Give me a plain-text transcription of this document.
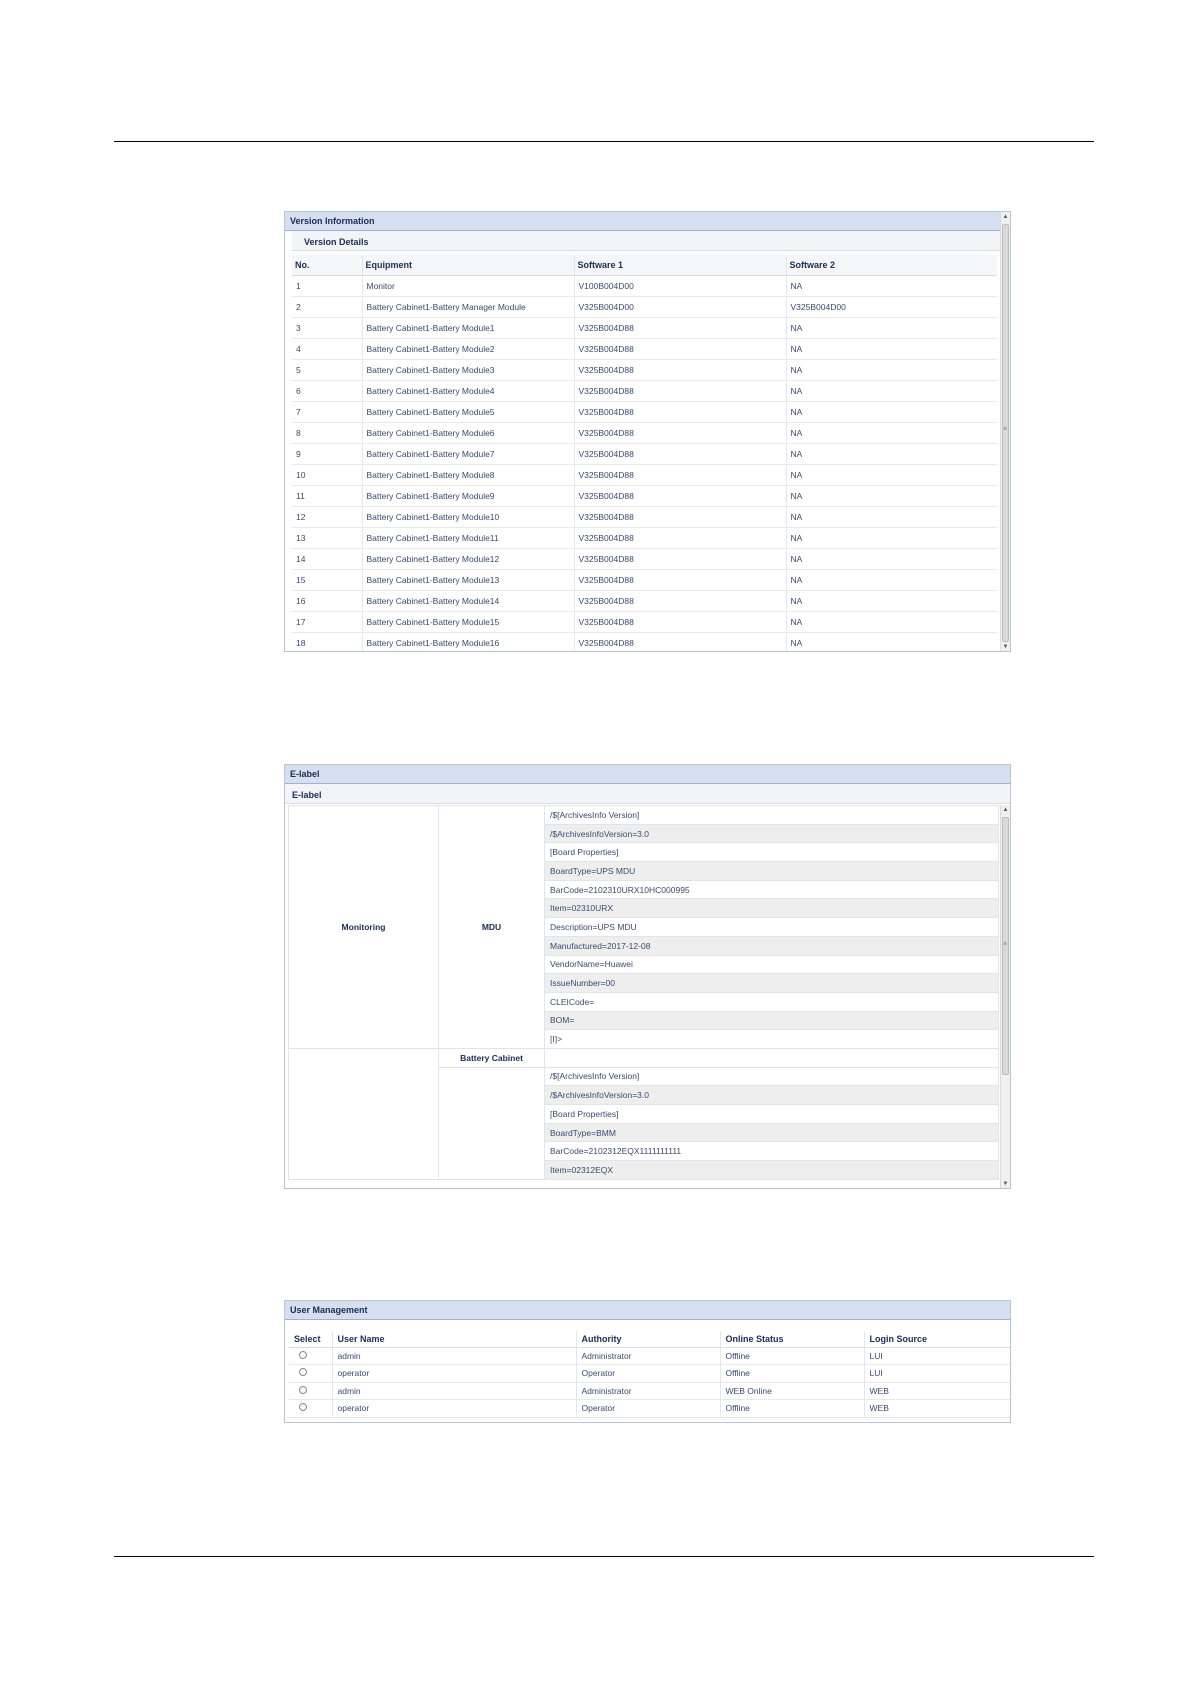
Version Information
Version Details
No.	Equipment	Software 1	Software 2
1	Monitor	V100B004D00	NA
2	Battery Cabinet1-Battery Manager Module	V325B004D00	V325B004D00
3	Battery Cabinet1-Battery Module1	V325B004D88	NA
4	Battery Cabinet1-Battery Module2	V325B004D88	NA
5	Battery Cabinet1-Battery Module3	V325B004D88	NA
6	Battery Cabinet1-Battery Module4	V325B004D88	NA
7	Battery Cabinet1-Battery Module5	V325B004D88	NA
8	Battery Cabinet1-Battery Module6	V325B004D88	NA
9	Battery Cabinet1-Battery Module7	V325B004D88	NA
10	Battery Cabinet1-Battery Module8	V325B004D88	NA
11	Battery Cabinet1-Battery Module9	V325B004D88	NA
12	Battery Cabinet1-Battery Module10	V325B004D88	NA
13	Battery Cabinet1-Battery Module11	V325B004D88	NA
14	Battery Cabinet1-Battery Module12	V325B004D88	NA
15	Battery Cabinet1-Battery Module13	V325B004D88	NA
16	Battery Cabinet1-Battery Module14	V325B004D88	NA
17	Battery Cabinet1-Battery Module15	V325B004D88	NA
18	Battery Cabinet1-Battery Module16	V325B004D88	NA
▲
≡
▼
E-label
E-label
Monitoring	MDU	/$[ArchivesInfo Version]
		/$ArchivesInfoVersion=3.0
		[Board Properties]
		BoardType=UPS MDU
		BarCode=2102310URX10HC000995
		Item=02310URX
		Description=UPS MDU
		Manufactured=2017-12-08
		VendorName=Huawei
		IssueNumber=00
		CLEICode=
		BOM=
		[I]>
	Battery Cabinet	
		/$[ArchivesInfo Version]
		/$ArchivesInfoVersion=3.0
		[Board Properties]
		BoardType=BMM
		BarCode=2102312EQX1111111111
		Item=02312EQX
▲
≡
▼
User Management
Select	User Name	Authority	Online Status	Login Source
	admin	Administrator	Offline	LUI
	operator	Operator	Offline	LUI
	admin	Administrator	WEB Online	WEB
	operator	Operator	Offline	WEB
